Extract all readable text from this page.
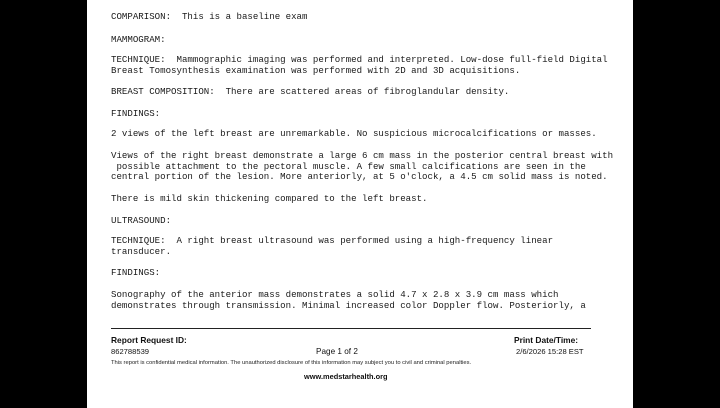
COMPARISON:  This is a baseline exam

MAMMOGRAM:

TECHNIQUE:  Mammographic imaging was performed and interpreted. Low-dose full-field Digital

Breast Tomosynthesis examination was performed with 2D and 3D acquisitions.

BREAST COMPOSITION:  There are scattered areas of fibroglandular density.

FINDINGS:

2 views of the left breast are unremarkable. No suspicious microcalcifications or masses.

Views of the right breast demonstrate a large 6 cm mass in the posterior central breast with

possible attachment to the pectoral muscle. A few small calcifications are seen in the

central portion of the lesion. More anteriorly, at 5 o'clock, a 4.5 cm solid mass is noted.

There is mild skin thickening compared to the left breast.

ULTRASOUND:

TECHNIQUE:  A right breast ultrasound was performed using a high-frequency linear

transducer.

FINDINGS:

Sonography of the anterior mass demonstrates a solid 4.7 x 2.8 x 3.9 cm mass which

demonstrates through transmission. Minimal increased color Doppler flow. Posteriorly, a

Report Request ID:

862788539	Page 1 of 2

Print Date/Time:

2/6/2026 15:28 EST

This report is confidential medical information. The unauthorized disclosure of this information may subject you to civil and criminal penalties.

www.medstarhealth.org
